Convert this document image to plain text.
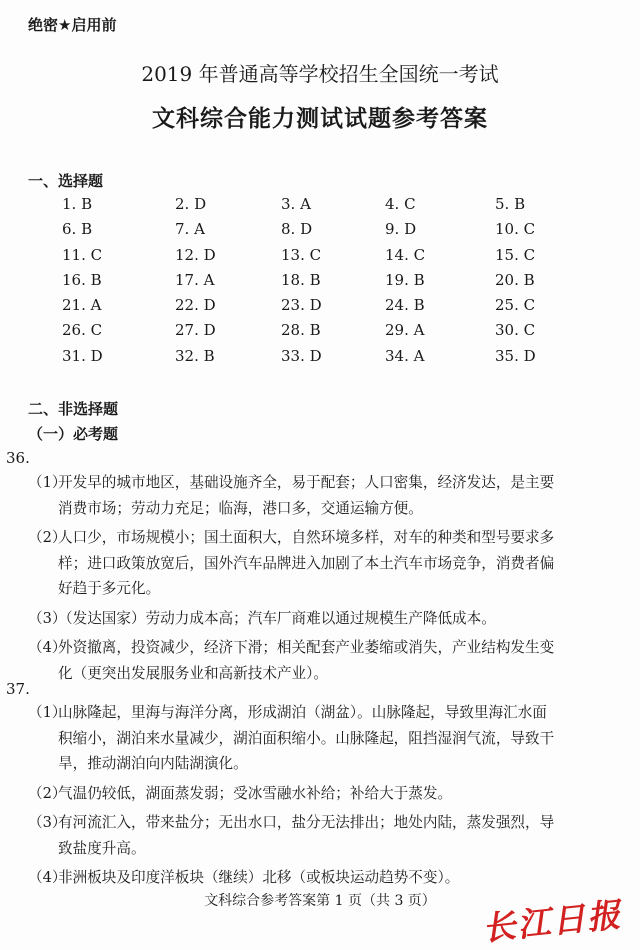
绝密★启用前
2019 年普通高等学校招生全国统一考试
文科综合能力测试试题参考答案
一、选择题
1. B	2. D	3. A	4. C	5. B
6. B	7. A	8. D	9. D	10. C
11. C	12. D	13. C	14. C	15. C
16. B	17. A	18. B	19. B	20. B
21. A	22. D	23. D	24. B	25. C
26. C	27. D	28. B	29. A	30. C
31. D	32. B	33. D	34. A	35. D
二、非选择题
（一）必考题
36.
（1）
开发早的城市地区，基础设施齐全，易于配套；人口密集，经济发达，是主要
消费市场；劳动力充足；临海，港口多，交通运输方便。
（2）
人口少，市场规模小；国土面积大，自然环境多样，对车的种类和型号要求多
样；进口政策放宽后，国外汽车品牌进入加剧了本土汽车市场竞争，消费者偏
好趋于多元化。
（3）
（发达国家）劳动力成本高；汽车厂商难以通过规模生产降低成本。
（4）
外资撤离，投资减少，经济下滑；相关配套产业萎缩或消失，产业结构发生变
化（更突出发展服务业和高新技术产业）。
37.
（1）
山脉隆起，里海与海洋分离，形成湖泊（湖盆）。山脉隆起，导致里海汇水面
积缩小，湖泊来水量减少，湖泊面积缩小。山脉隆起，阻挡湿润气流，导致干
旱，推动湖泊向内陆湖演化。
（2）
气温仍较低，湖面蒸发弱；受冰雪融水补给；补给大于蒸发。
（3）
有河流汇入，带来盐分；无出水口，盐分无法排出；地处内陆，蒸发强烈，导
致盐度升高。
（4）
非洲板块及印度洋板块（继续）北移（或板块运动趋势不变）。
文科综合参考答案第 1 页（共 3 页）	长江日报
